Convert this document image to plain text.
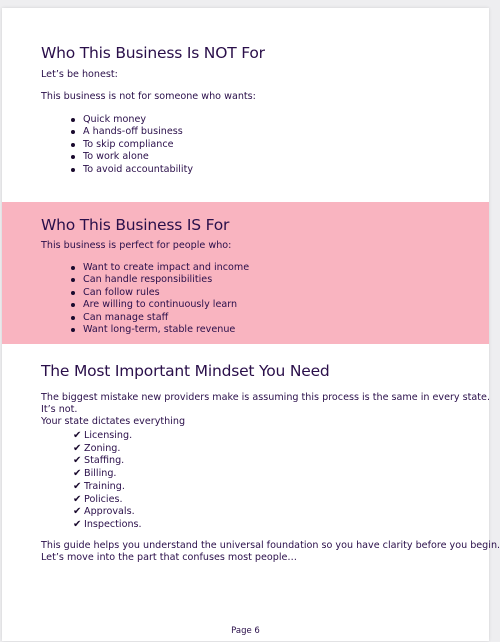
Who This Business Is NOT For

Let’s be honest:

This business is not for someone who wants:

Quick money
A hands-off business
To skip compliance
To work alone
To avoid accountability
Who This Business IS For

This business is perfect for people who:

Want to create impact and income
Can handle responsibilities
Can follow rules
Are willing to continuously learn
Can manage staff
Want long-term, stable revenue
The Most Important Mindset You Need

The biggest mistake new providers make is assuming this process is the same in every state.

It’s not.

Your state dictates everything

✔ Licensing.
✔ Zoning.
✔ Staffing.
✔ Billing.
✔ Training.
✔ Policies.
✔ Approvals.
✔ Inspections.

This guide helps you understand the universal foundation so you have clarity before you begin.

Let’s move into the part that confuses most people…

Page 6
